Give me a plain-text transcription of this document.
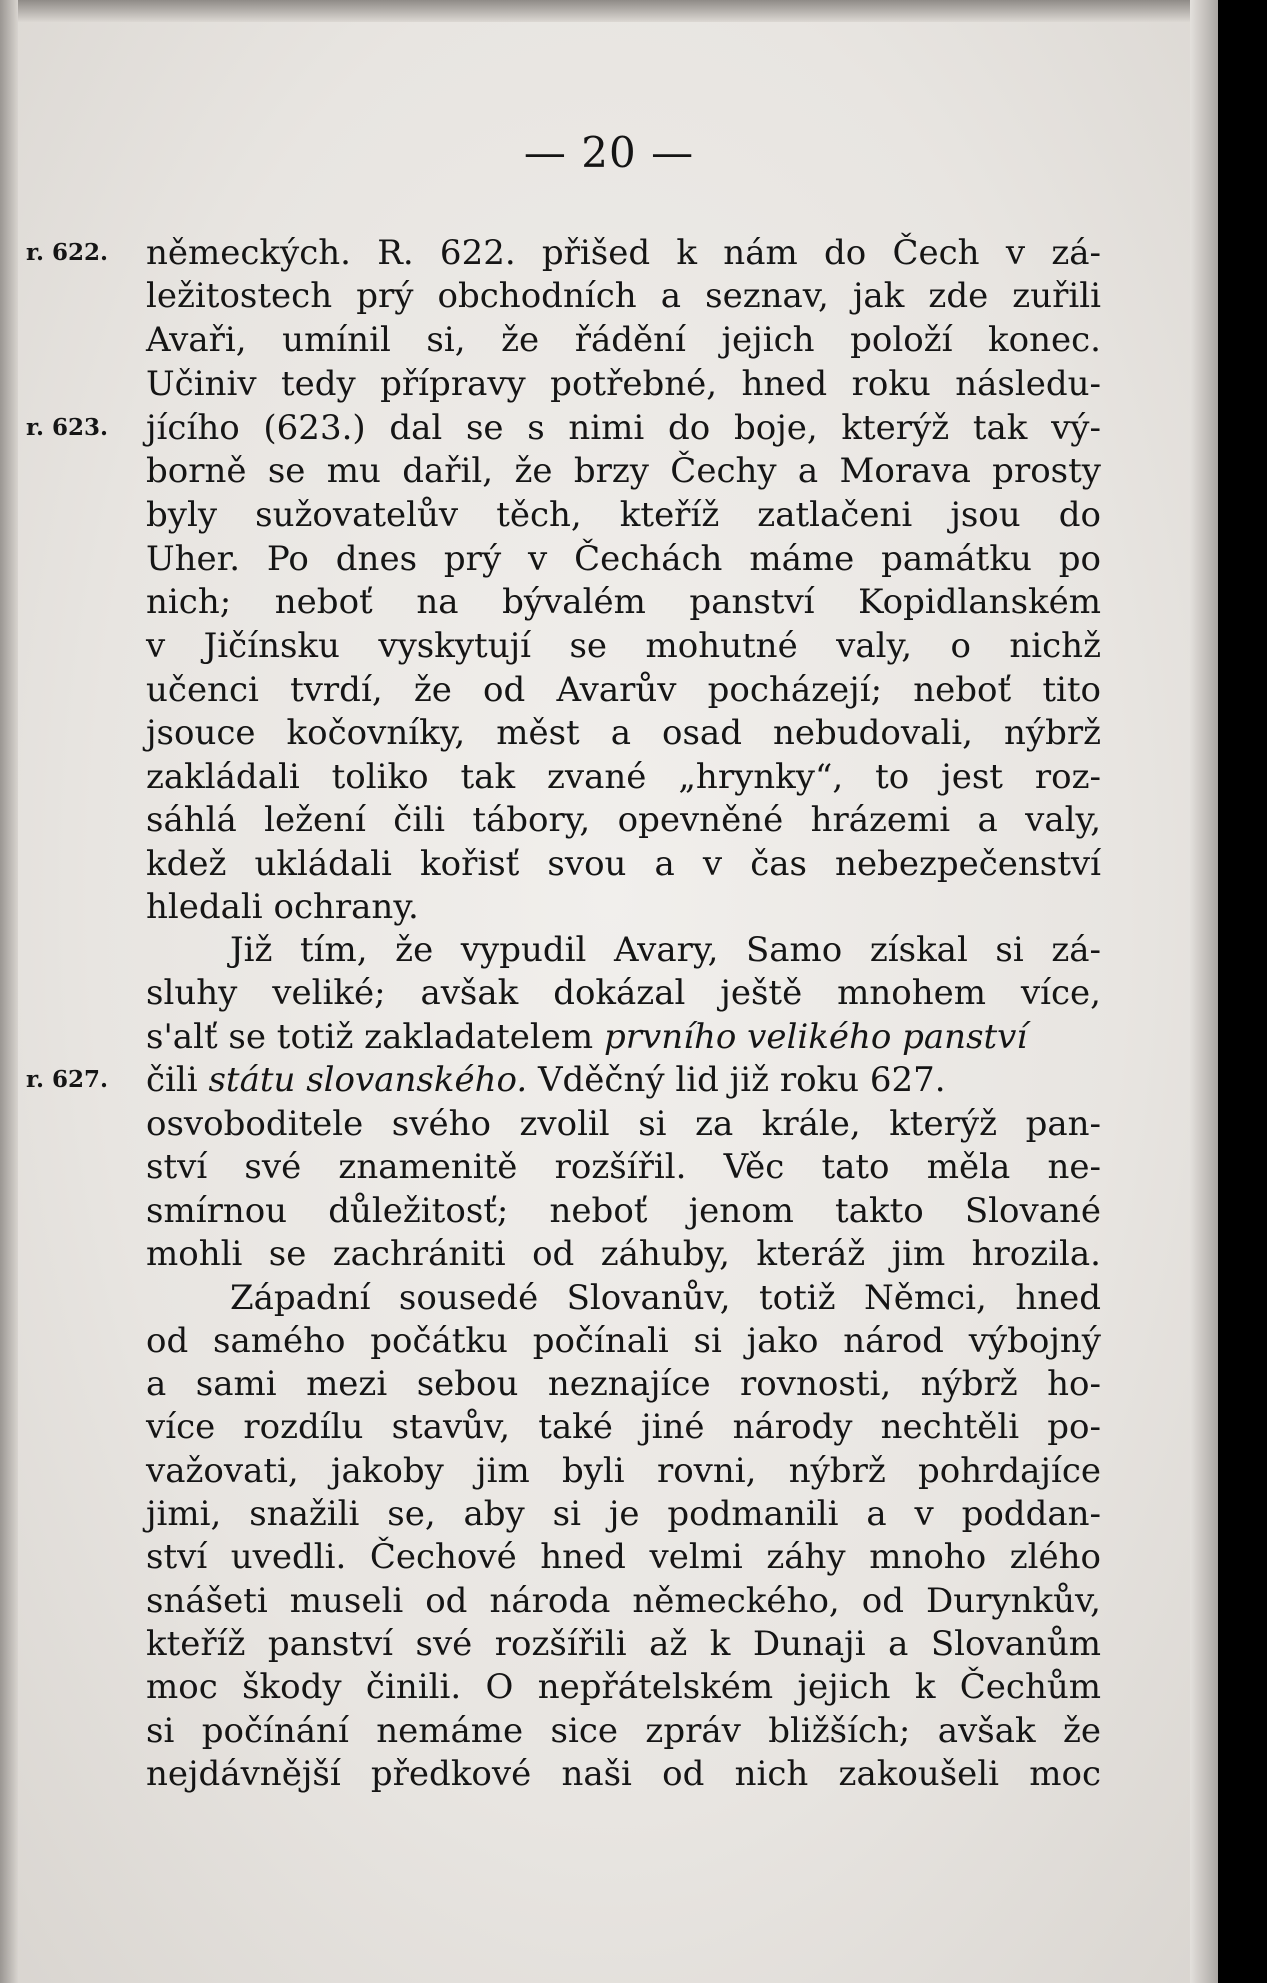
— 20 —
r. 622.
r. 623.
r. 627.
německých. R. 622. přišed k nám do Čech v zá-
ležitostech prý obchodních a seznav, jak zde zuřili
Avaři, umínil si, že řádění jejich položí konec.
Učiniv tedy přípravy potřebné, hned roku následu-
jícího (623.) dal se s nimi do boje, kterýž tak vý-
borně se mu dařil, že brzy Čechy a Morava prosty
byly sužovatelův těch, kteříž zatlačeni jsou do
Uher. Po dnes prý v Čechách máme památku po
nich; neboť na bývalém panství Kopidlanském
v Jičínsku vyskytují se mohutné valy, o nichž
učenci tvrdí, že od Avarův pocházejí; neboť tito
jsouce kočovníky, měst a osad nebudovali, nýbrž
zakládali toliko tak zvané „hrynky“, to jest roz-
sáhlá ležení čili tábory, opevněné hrázemi a valy,
kdež ukládali kořisť svou a v čas nebezpečenství
hledali ochrany.
Již tím, že vypudil Avary, Samo získal si zá-
sluhy veliké; avšak dokázal ještě mnohem více,
s'alť se totiž zakladatelem prvního velikého panství
čili státu slovanského. Vděčný lid již roku 627.
osvoboditele svého zvolil si za krále, kterýž pan-
ství své znamenitě rozšířil. Věc tato měla ne-
smírnou důležitosť; neboť jenom takto Slované
mohli se zachrániti od záhuby, kteráž jim hrozila.
Západní sousedé Slovanův, totiž Němci, hned
od samého počátku počínali si jako národ výbojný
a sami mezi sebou neznajíce rovnosti, nýbrž ho-
více rozdílu stavův, také jiné národy nechtěli po-
važovati, jakoby jim byli rovni, nýbrž pohrdajíce
jimi, snažili se, aby si je podmanili a v poddan-
ství uvedli. Čechové hned velmi záhy mnoho zlého
snášeti museli od národa německého, od Durynkův,
kteříž panství své rozšířili až k Dunaji a Slovanům
moc škody činili. O nepřátelském jejich k Čechům
si počínání nemáme sice zpráv bližších; avšak že
nejdávnější předkové naši od nich zakoušeli moc
